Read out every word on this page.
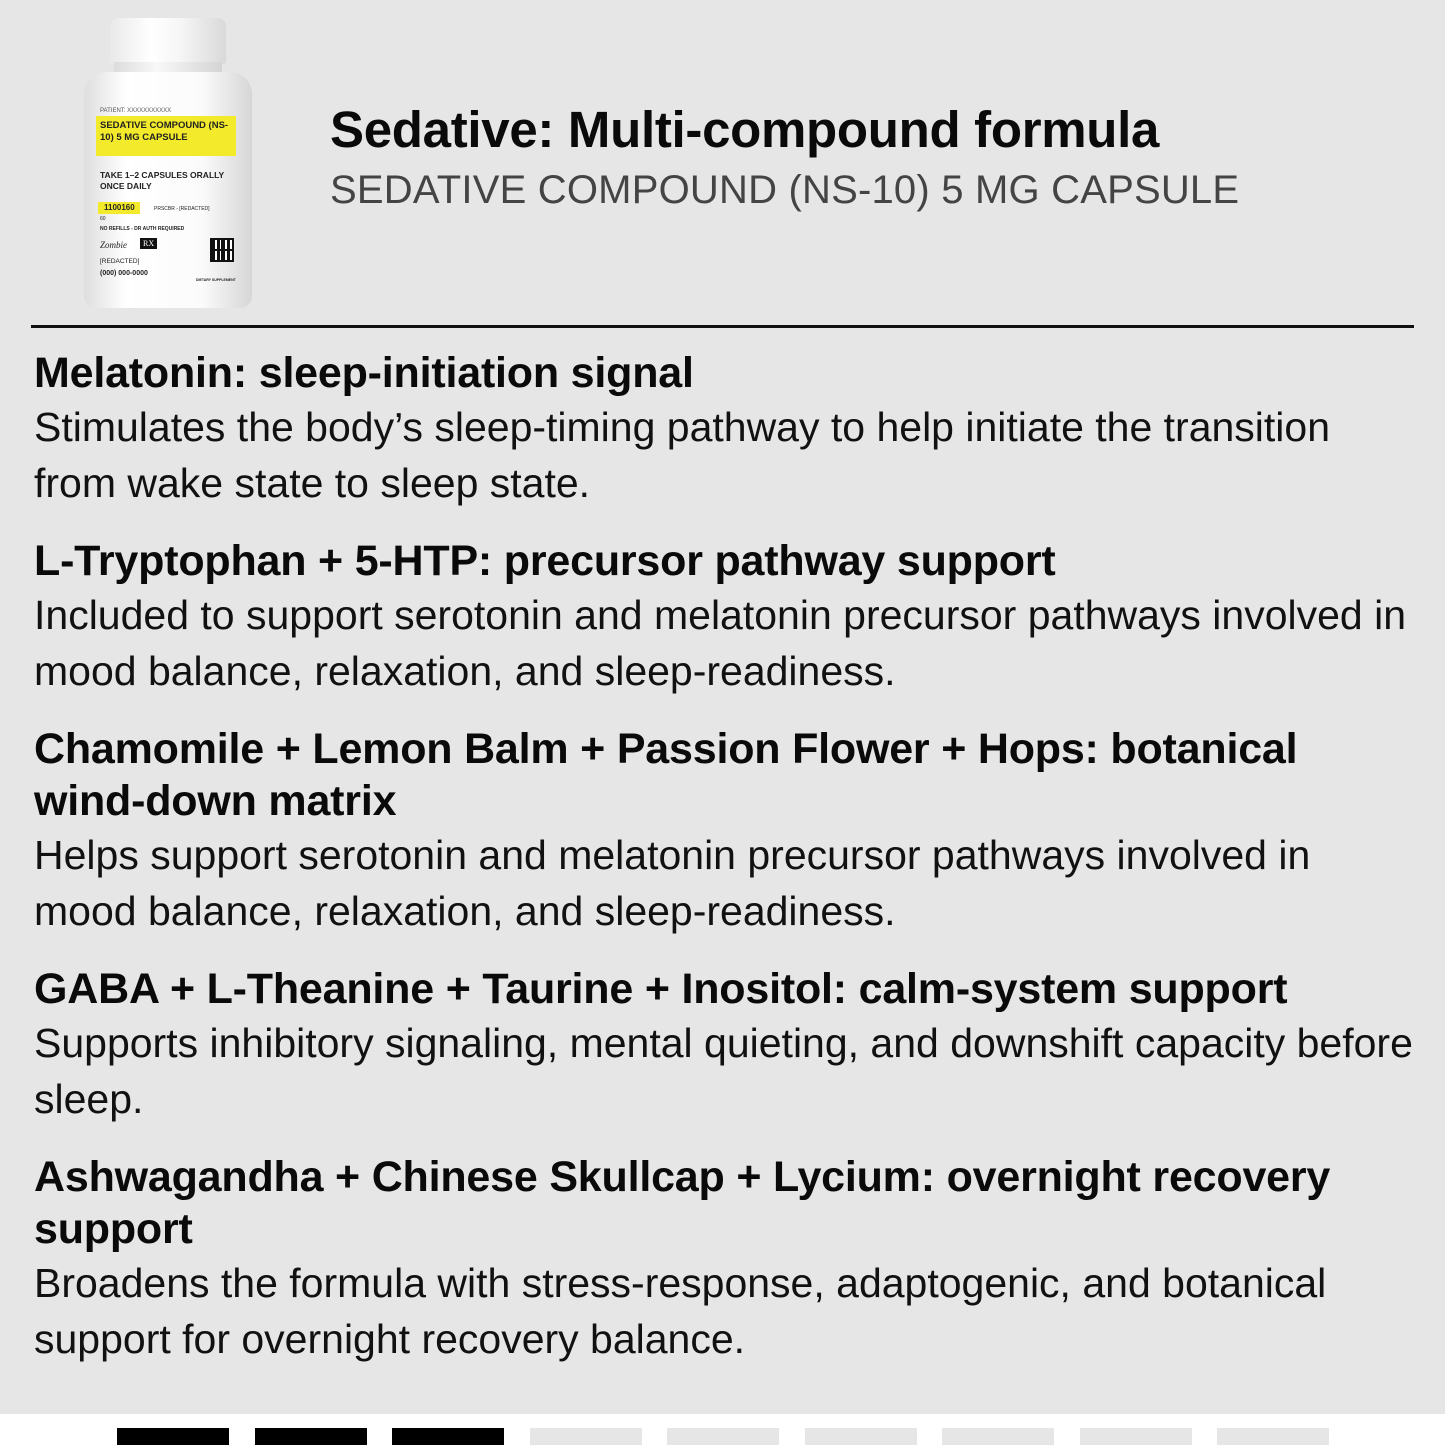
PATIENT: XXXXXXXXXXX
SEDATIVE COMPOUND (NS-10) 5 MG CAPSULE
TAKE 1–2 CAPSULES ORALLY ONCE DAILY
1100160
60
PRSCBR - [REDACTED]
NO REFILLS - DR AUTH REQUIRED
Zombie	RX
[REDACTED]
(000) 000-0000
DIETARY SUPPLEMENT
Sedative: Multi-compound formula
SEDATIVE COMPOUND (NS-10) 5 MG CAPSULE
Melatonin: sleep-initiation signal
Stimulates the body’s sleep-timing pathway to help initiate the transition from wake state to sleep state.
L-Tryptophan + 5-HTP: precursor pathway support
Included to support serotonin and melatonin precursor pathways involved in mood balance, relaxation, and sleep-readiness.
Chamomile + Lemon Balm + Passion Flower + Hops: botanical wind-down matrix
Helps support serotonin and melatonin precursor pathways involved in mood balance, relaxation, and sleep-readiness.
GABA + L-Theanine + Taurine + Inositol: calm-system support
Supports inhibitory signaling, mental quieting, and downshift capacity before sleep.
Ashwagandha + Chinese Skullcap + Lycium: overnight recovery support
Broadens the formula with stress-response, adaptogenic, and botanical support for overnight recovery balance.
